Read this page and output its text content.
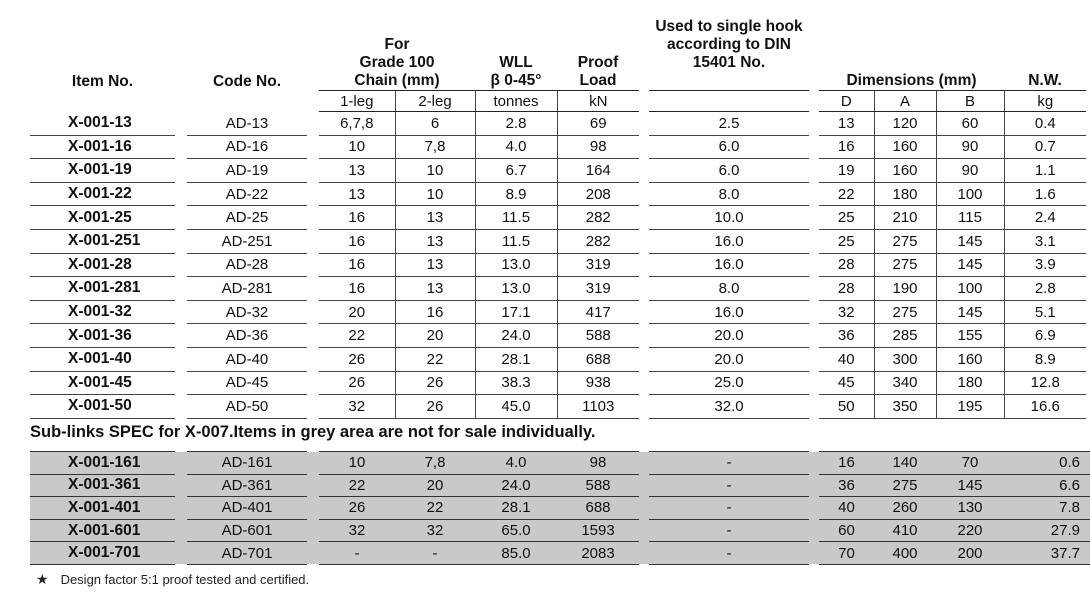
Item No.		Code No.		For
Grade 100
Chain (mm)		WLL
β 0-45°	Proof
Load		Used to single hook
according to DIN
15401 No.		Dimensions (mm)			N.W.
				1-leg	2-leg	tonnes	kN				D	A	B	kg
X-001-13		AD-13		6,7,8	6	2.8	69		2.5		13	120	60	0.4
X-001-16		AD-16		10	7,8	4.0	98		6.0		16	160	90	0.7
X-001-19		AD-19		13	10	6.7	164		6.0		19	160	90	1.1
X-001-22		AD-22		13	10	8.9	208		8.0		22	180	100	1.6
X-001-25		AD-25		16	13	11.5	282		10.0		25	210	115	2.4
X-001-251		AD-251		16	13	11.5	282		16.0		25	275	145	3.1
X-001-28		AD-28		16	13	13.0	319		16.0		28	275	145	3.9
X-001-281		AD-281		16	13	13.0	319		8.0		28	190	100	2.8
X-001-32		AD-32		20	16	17.1	417		16.0		32	275	145	5.1
X-001-36		AD-36		22	20	24.0	588		20.0		36	285	155	6.9
X-001-40		AD-40		26	22	28.1	688		20.0		40	300	160	8.9
X-001-45		AD-45		26	26	38.3	938		25.0		45	340	180	12.8
X-001-50		AD-50		32	26	45.0	1103		32.0		50	350	195	16.6
Sub-links SPEC for X-007.Items in grey area are not for sale individually.
X-001-161		AD-161		10	7,8	4.0	98		-		16	140	70	0.6
X-001-361		AD-361		22	20	24.0	588		-		36	275	145	6.6
X-001-401		AD-401		26	22	28.1	688		-		40	260	130	7.8
X-001-601		AD-601		32	32	65.0	1593		-		60	410	220	27.9
X-001-701		AD-701		-	-	85.0	2083		-		70	400	200	37.7
★ Design factor 5:1 proof tested and certified.
